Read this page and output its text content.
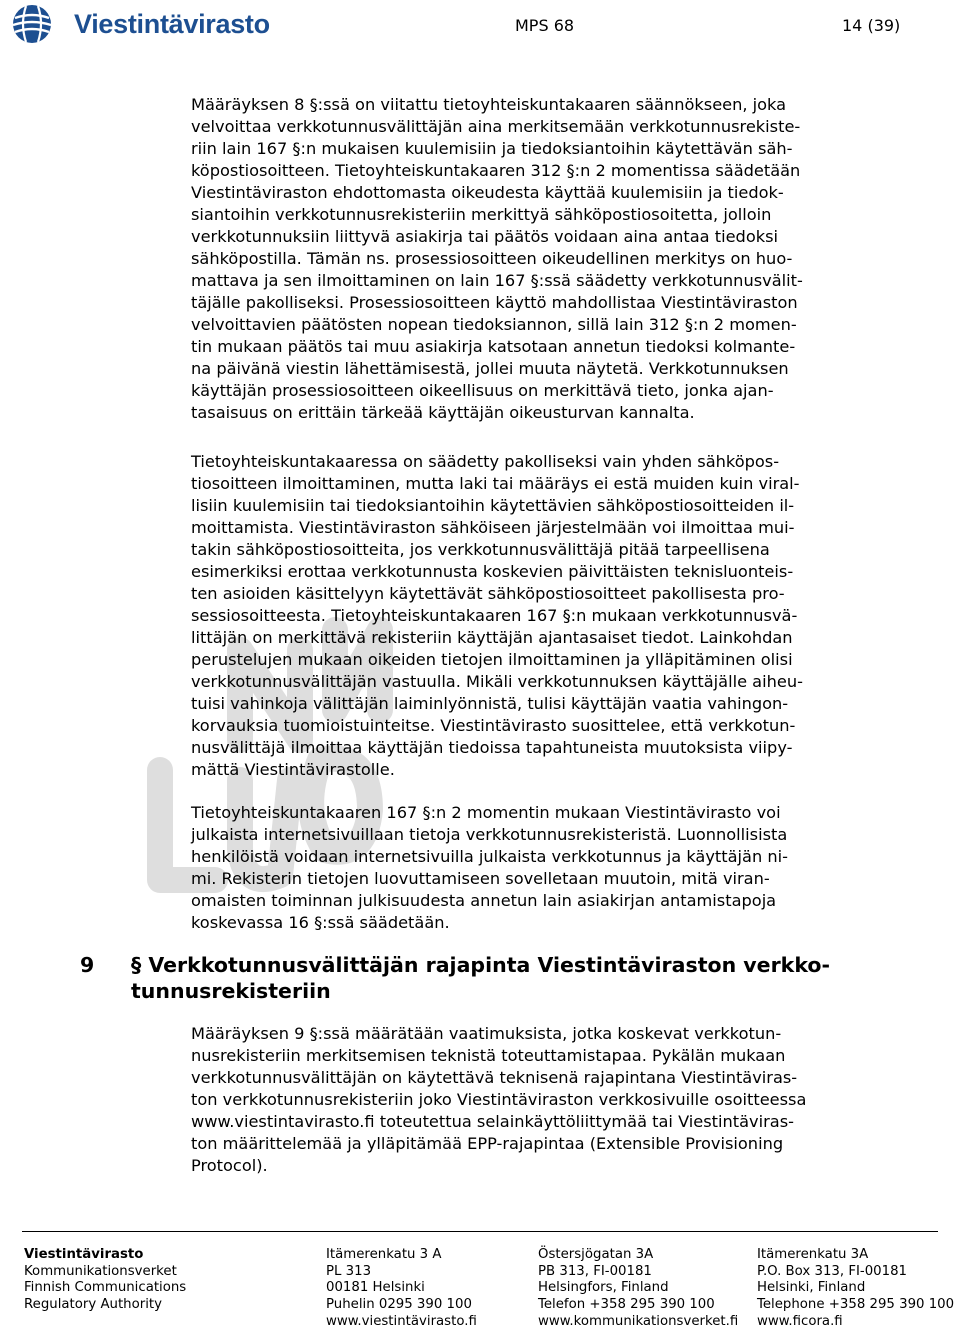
Viestintävirasto	MPS 68	14 (39)

Määräyksen 8 §:ssä on viitattu tietoyhteiskuntakaaren säännökseen, joka
velvoittaa verkkotunnusvälittäjän aina merkitsemään verkkotunnusrekiste-
riin lain 167 §:n mukaisen kuulemisiin ja tiedoksiantoihin käytettävän säh-
köpostiosoitteen. Tietoyhteiskuntakaaren 312 §:n 2 momentissa säädetään
Viestintäviraston ehdottomasta oikeudesta käyttää kuulemisiin ja tiedok-
siantoihin verkkotunnusrekisteriin merkittyä sähköpostiosoitetta, jolloin
verkkotunnuksiin liittyvä asiakirja tai päätös voidaan aina antaa tiedoksi
sähköpostilla. Tämän ns. prosessiosoitteen oikeudellinen merkitys on huo-
mattava ja sen ilmoittaminen on lain 167 §:ssä säädetty verkkotunnusvälit-
täjälle pakolliseksi. Prosessiosoitteen käyttö mahdollistaa Viestintäviraston
velvoittavien päätösten nopean tiedoksiannon, sillä lain 312 §:n 2 momen-
tin mukaan päätös tai muu asiakirja katsotaan annetun tiedoksi kolmante-
na päivänä viestin lähettämisestä, jollei muuta näytetä. Verkkotunnuksen
käyttäjän prosessiosoitteen oikeellisuus on merkittävä tieto, jonka ajan-
tasaisuus on erittäin tärkeää käyttäjän oikeusturvan kannalta.

Tietoyhteiskuntakaaressa on säädetty pakolliseksi vain yhden sähköpos-
tiosoitteen ilmoittaminen, mutta laki tai määräys ei estä muiden kuin viral-
lisiin kuulemisiin tai tiedoksiantoihin käytettävien sähköpostiosoitteiden il-
moittamista. Viestintäviraston sähköiseen järjestelmään voi ilmoittaa mui-
takin sähköpostiosoitteita, jos verkkotunnusvälittäjä pitää tarpeellisena
esimerkiksi erottaa verkkotunnusta koskevien päivittäisten teknisluonteis-
ten asioiden käsittelyyn käytettävät sähköpostiosoitteet pakollisesta pro-
sessiosoitteesta. Tietoyhteiskuntakaaren 167 §:n mukaan verkkotunnusvä-
littäjän on merkittävä rekisteriin käyttäjän ajantasaiset tiedot. Lainkohdan
perustelujen mukaan oikeiden tietojen ilmoittaminen ja ylläpitäminen olisi
verkkotunnusvälittäjän vastuulla. Mikäli verkkotunnuksen käyttäjälle aiheu-
tuisi vahinkoja välittäjän laiminlyönnistä, tulisi käyttäjän vaatia vahingon-
korvauksia tuomioistuinteitse. Viestintävirasto suosittelee, että verkkotun-
nusvälittäjä ilmoittaa käyttäjän tiedoissa tapahtuneista muutoksista viipy-
mättä Viestintävirastolle.

Tietoyhteiskuntakaaren 167 §:n 2 momentin mukaan Viestintävirasto voi
julkaista internetsivuillaan tietoja verkkotunnusrekisteristä. Luonnollisista
henkilöistä voidaan internetsivuilla julkaista verkkotunnus ja käyttäjän ni-
mi. Rekisterin tietojen luovuttamiseen sovelletaan muutoin, mitä viran-
omaisten toiminnan julkisuudesta annetun lain asiakirjan antamistapoja
koskevassa 16 §:ssä säädetään.

9 § Verkkotunnusvälittäjän rajapinta Viestintäviraston verkko-
tunnusrekisteriin

Määräyksen 9 §:ssä määrätään vaatimuksista, jotka koskevat verkkotun-
nusrekisteriin merkitsemisen teknistä toteuttamistapaa. Pykälän mukaan
verkkotunnusvälittäjän on käytettävä teknisenä rajapintana Viestintäviras-
ton verkkotunnusrekisteriin joko Viestintäviraston verkkosivuille osoitteessa
www.viestintavirasto.fi toteutettua selainkäyttöliittymää tai Viestintäviras-
ton määrittelemää ja ylläpitämää EPP-rajapintaa (Extensible Provisioning
Protocol).

Viestintävirasto
Kommunikationsverket
Finnish Communications
Regulatory Authority
Itämerenkatu 3 A
PL 313
00181 Helsinki
Puhelin 0295 390 100
www.viestintävirasto.fi
Östersjögatan 3A
PB 313, FI-00181
Helsingfors, Finland
Telefon +358 295 390 100
www.kommunikationsverket.fi
Itämerenkatu 3A
P.O. Box 313, FI-00181
Helsinki, Finland
Telephone +358 295 390 100
www.ficora.fi
